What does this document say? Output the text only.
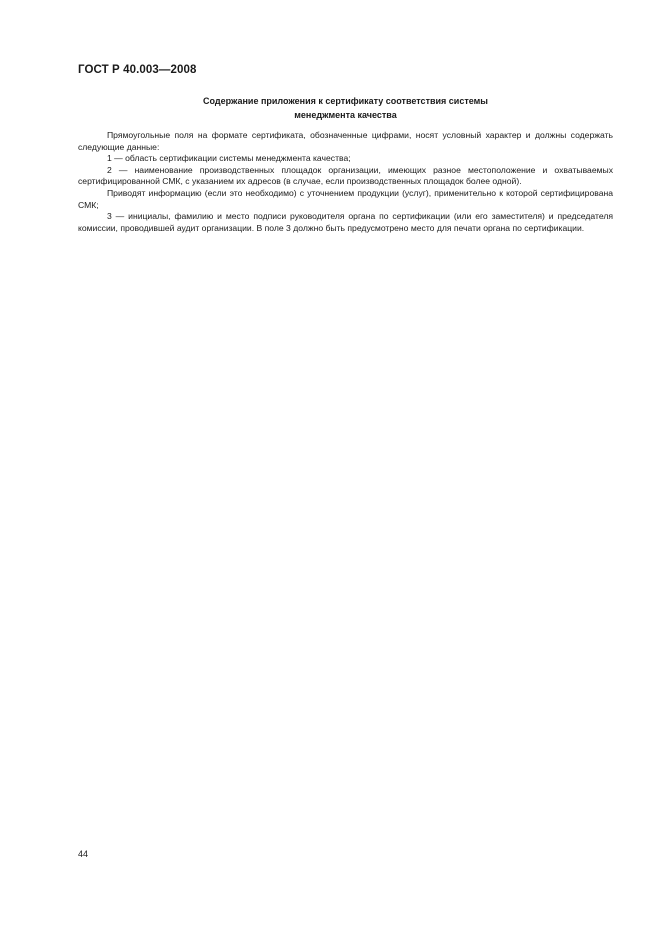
ГОСТ Р 40.003—2008
Содержание приложения к сертификату соответствия системы
менеджмента качества

Прямоугольные поля на формате сертификата, обозначенные цифрами, носят условный характер и должны содержать следующие данные:

1 — область сертификации системы менеджмента качества;

2 — наименование производственных площадок организации, имеющих разное местоположение и охватываемых сертифицированной СМК, с указанием их адресов (в случае, если производственных площадок более одной).

Приводят информацию (если это необходимо) с уточнением продукции (услуг), применительно к которой сертифицирована СМК;

3 — инициалы, фамилию и место подписи руководителя органа по сертификации (или его заместителя) и председателя комиссии, проводившей аудит организации. В поле 3 должно быть предусмотрено место для печати органа по сертификации.

44
